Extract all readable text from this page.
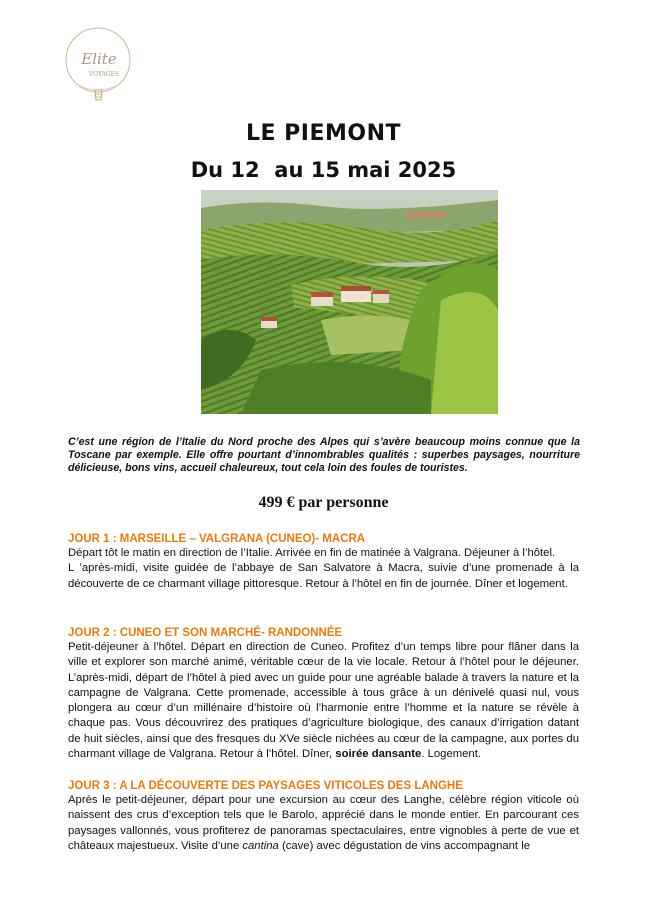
Elite
VOYAGES
LE PIEMONT

Du 12  au 15 mai 2025

C’est une région de l’Italie du Nord proche des Alpes qui s’avère beaucoup moins connue que la Toscane par exemple. Elle offre pourtant d’innombrables qualités : superbes paysages, nourriture délicieuse, bons vins, accueil chaleureux, tout cela loin des foules de touristes.

499 € par personne

JOUR 1 : MARSEILLE – VALGRANA (CUNEO)- MACRA

Départ tôt le matin en direction de l’Italie. Arrivée en fin de matinée à Valgrana. Déjeuner à l’hôtel.
L ’après-midi, visite guidée de l’abbaye de San Salvatore à Macra, suivie d’une promenade à la découverte de ce charmant village pittoresque. Retour à l’hôtel en fin de journée. Dîner et logement.

JOUR 2 : CUNEO ET SON MARCHÉ- RANDONNÉE

Petit-déjeuner à l’hôtel. Départ en direction de Cuneo. Profitez d’un temps libre pour flâner dans la ville et explorer son marché animé, véritable cœur de la vie locale. Retour à l’hôtel pour le déjeuner. L’après-midi, départ de l’hôtel à pied avec un guide pour une agréable balade à travers la nature et la campagne de Valgrana. Cette promenade, accessible à tous grâce à un dénivelé quasi nul, vous plongera au cœur d’un millénaire d’histoire où l’harmonie entre l’homme et la nature se révèle à chaque pas. Vous découvrirez des pratiques d’agriculture biologique, des canaux d’irrigation datant de huit siècles, ainsi que des fresques du XVe siècle nichées au cœur de la campagne, aux portes du charmant village de Valgrana. Retour à l’hôtel. Dîner, soirée dansante. Logement.

JOUR 3 : A LA DÉCOUVERTE DES PAYSAGES VITICOLES DES LANGHE

Après le petit-déjeuner, départ pour une excursion au cœur des Langhe, célèbre région viticole où naissent des crus d’exception tels que le Barolo, apprécié dans le monde entier. En parcourant ces paysages vallonnés, vous profiterez de panoramas spectaculaires, entre vignobles à perte de vue et châteaux majestueux. Visite d’une cantina (cave) avec dégustation de vins accompagnant le
